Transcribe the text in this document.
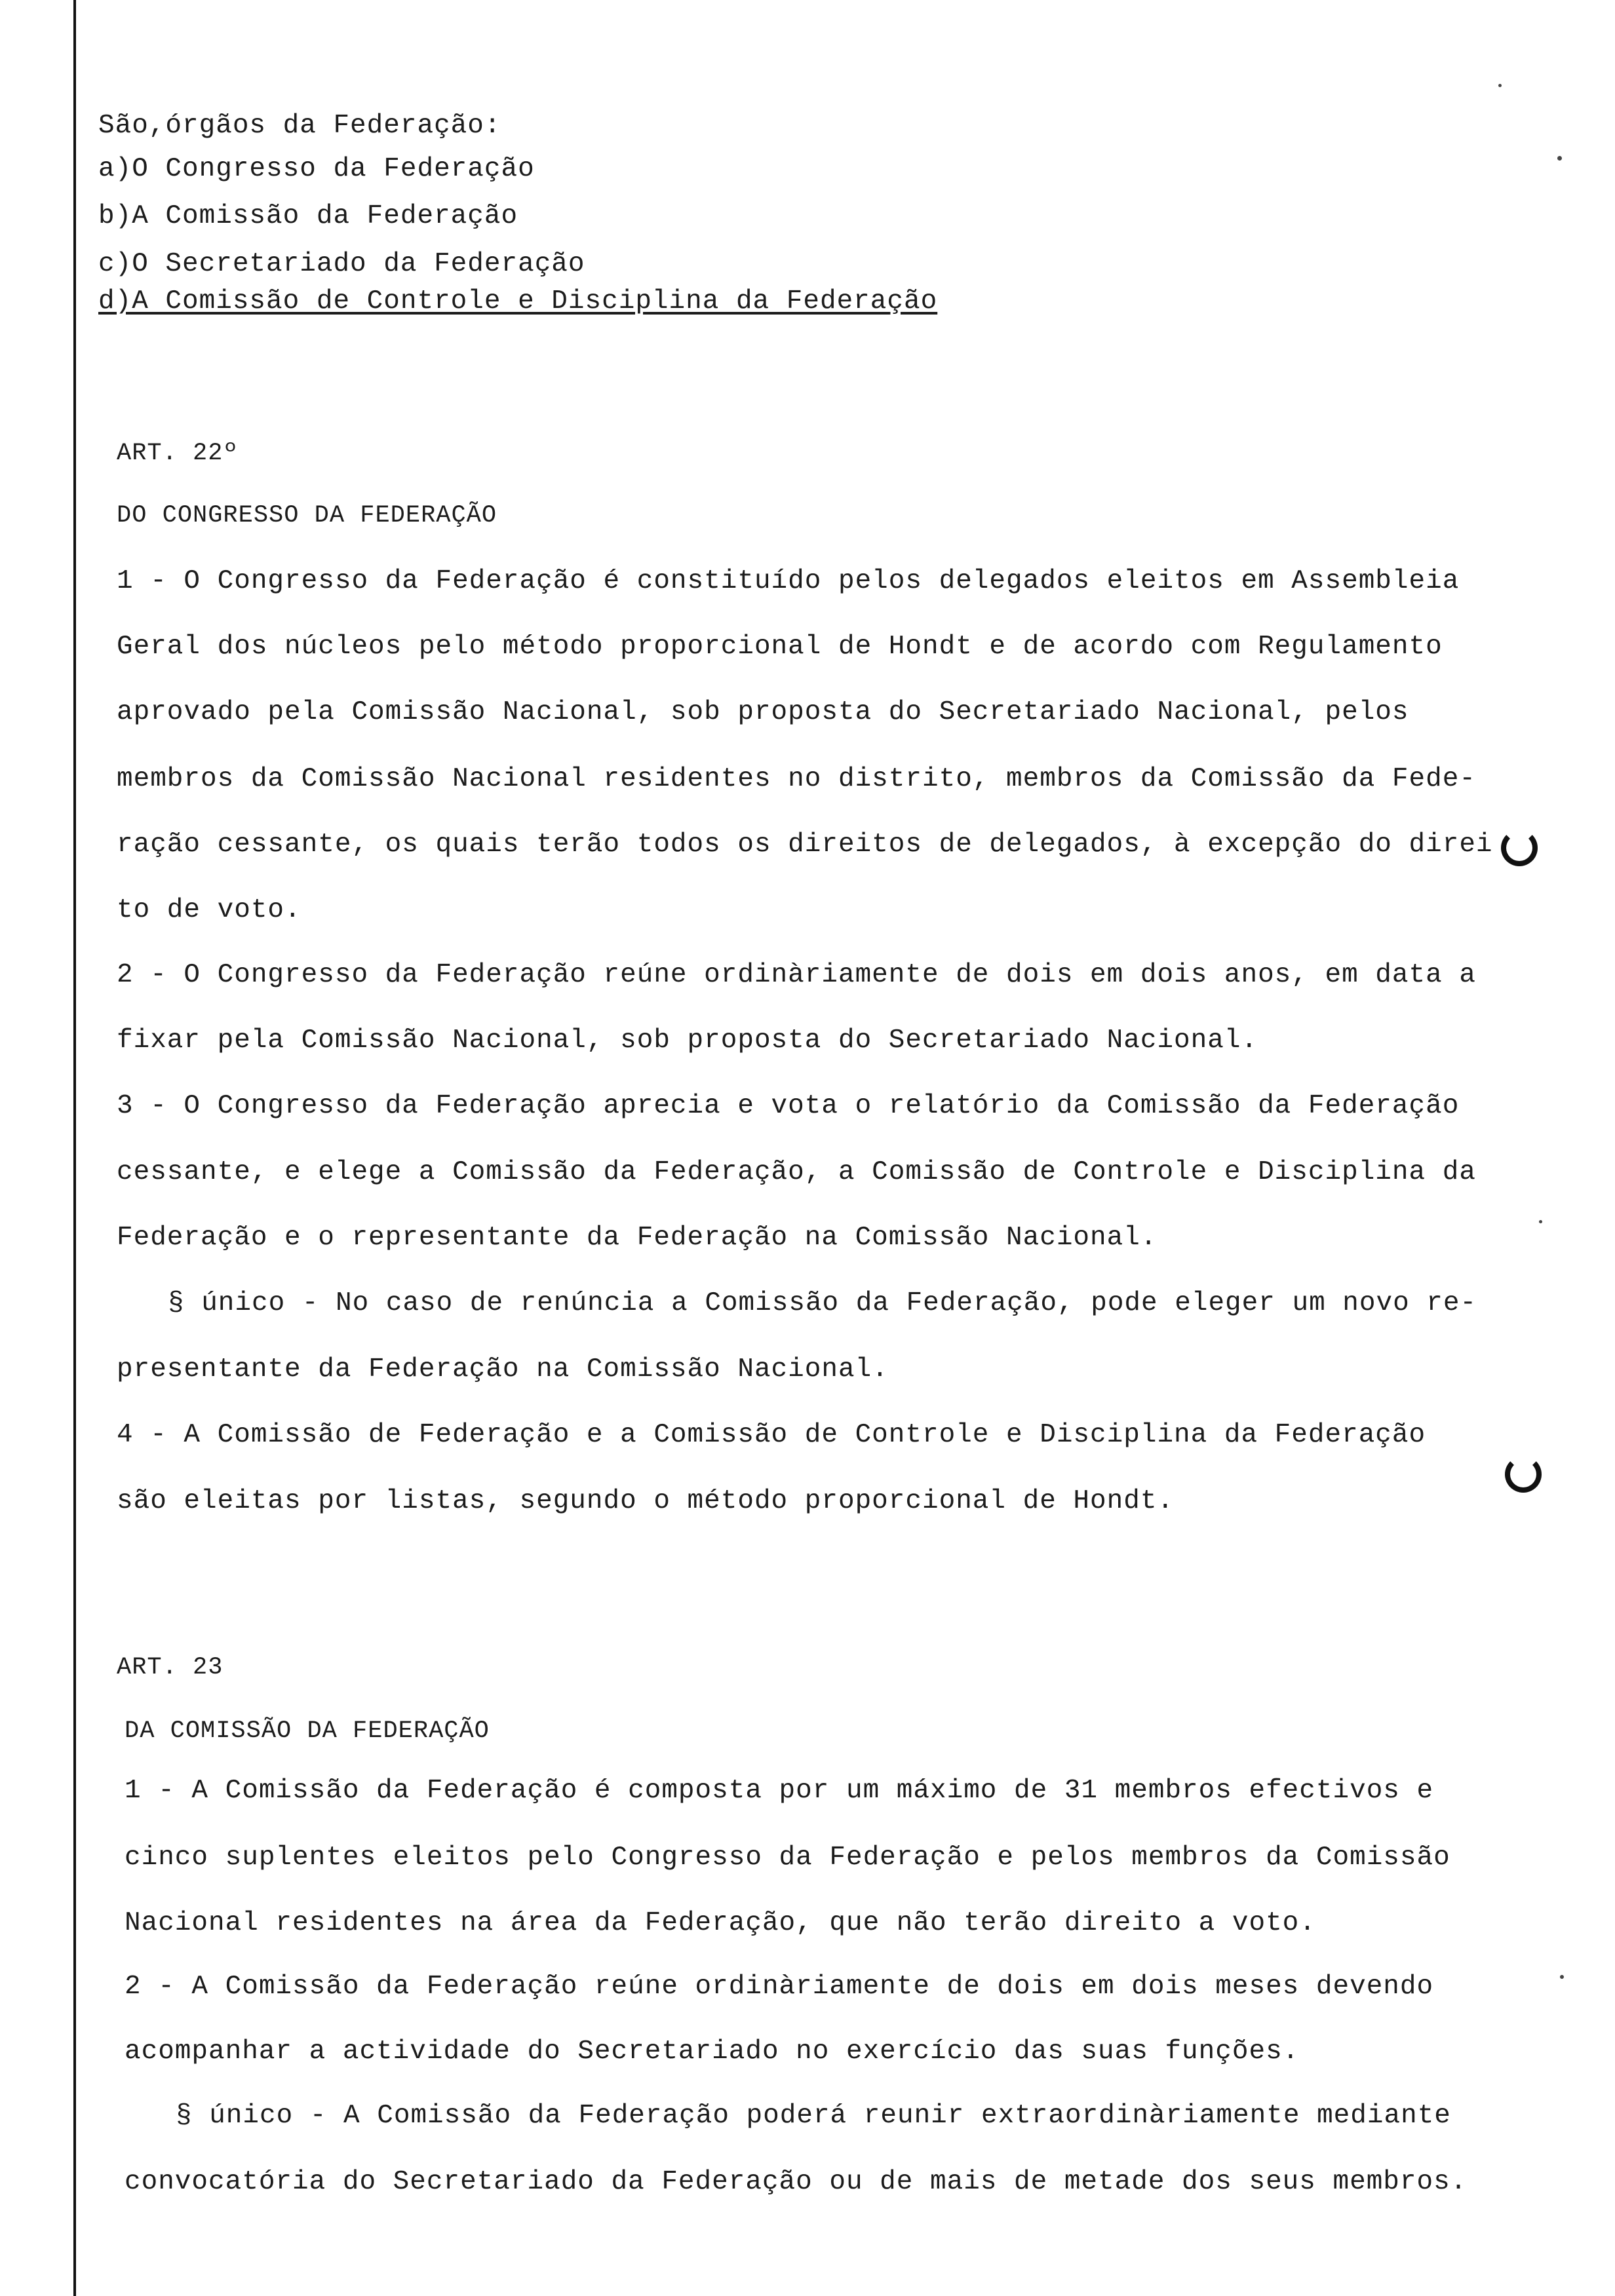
São,órgãos da Federação:
a)O Congresso da Federação
b)A Comissão da Federação
c)O Secretariado da Federação
d)A Comissão de Controle e Disciplina da Federação
ART. 22º
DO CONGRESSO DA FEDERAÇÃO
1 - O Congresso da Federação é constituído pelos delegados eleitos em Assembleia
Geral dos núcleos pelo método proporcional de Hondt e de acordo com Regulamento
aprovado pela Comissão Nacional, sob proposta do Secretariado Nacional, pelos
membros da Comissão Nacional residentes no distrito, membros da Comissão da Fede-
ração cessante, os quais terão todos os direitos de delegados, à excepção do direi
to de voto.
2 - O Congresso da Federação reúne ordinàriamente de dois em dois anos, em data a
fixar pela Comissão Nacional, sob proposta do Secretariado Nacional.
3 - O Congresso da Federação aprecia e vota o relatório da Comissão da Federação
cessante, e elege a Comissão da Federação, a Comissão de Controle e Disciplina da
Federação e o representante da Federação na Comissão Nacional.
§ único - No caso de renúncia a Comissão da Federação, pode eleger um novo re-
presentante da Federação na Comissão Nacional.
4 - A Comissão de Federação e a Comissão de Controle e Disciplina da Federação
são eleitas por listas, segundo o método proporcional de Hondt.
ART. 23
DA COMISSÃO DA FEDERAÇÃO
1 - A Comissão da Federação é composta por um máximo de 31 membros efectivos e
cinco suplentes eleitos pelo Congresso da Federação e pelos membros da Comissão
Nacional residentes na área da Federação, que não terão direito a voto.
2 - A Comissão da Federação reúne ordinàriamente de dois em dois meses devendo
acompanhar a actividade do Secretariado no exercício das suas funções.
§ único - A Comissão da Federação poderá reunir extraordinàriamente mediante
convocatória do Secretariado da Federação ou de mais de metade dos seus membros.
